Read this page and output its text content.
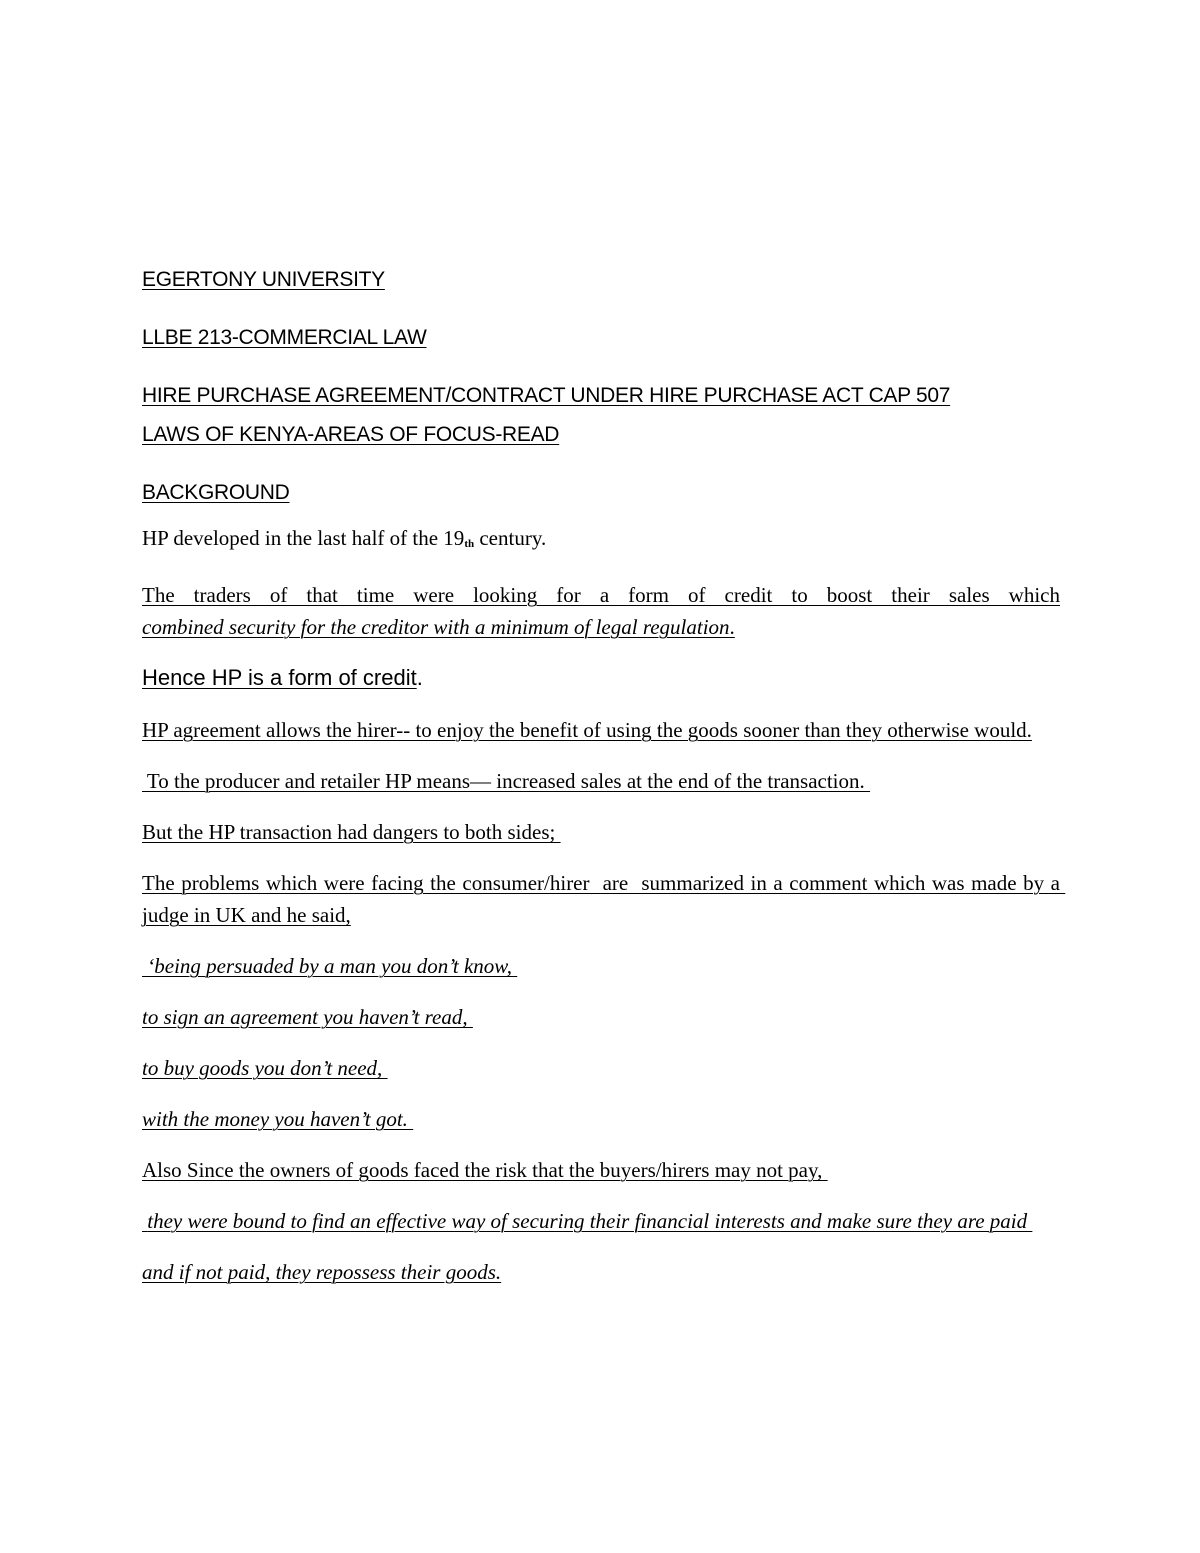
EGERTONY UNIVERSITY

LLBE 213-COMMERCIAL LAW

HIRE PURCHASE AGREEMENT/CONTRACT UNDER HIRE PURCHASE ACT CAP 507

LAWS OF KENYA-AREAS OF FOCUS-READ

BACKGROUND

HP developed in the last half of the 19th century.

The traders of that time were looking for a form of credit to boost their sales which
combined security for the creditor with a minimum of legal regulation.

Hence HP is a form of credit.

HP agreement allows the hirer-- to enjoy the benefit of using the goods sooner than they otherwise would.

To the producer and retailer HP means— increased sales at the end of the transaction.

But the HP transaction had dangers to both sides;

The problems which were facing the consumer/hirer  are  summarized in a comment which was made by a judge in UK and he said,

‘being persuaded by a man you don’t know,

to sign an agreement you haven’t read,

to buy goods you don’t need,

with the money you haven’t got.

Also Since the owners of goods faced the risk that the buyers/hirers may not pay,

they were bound to find an effective way of securing their financial interests and make sure they are paid

and if not paid, they repossess their goods.
